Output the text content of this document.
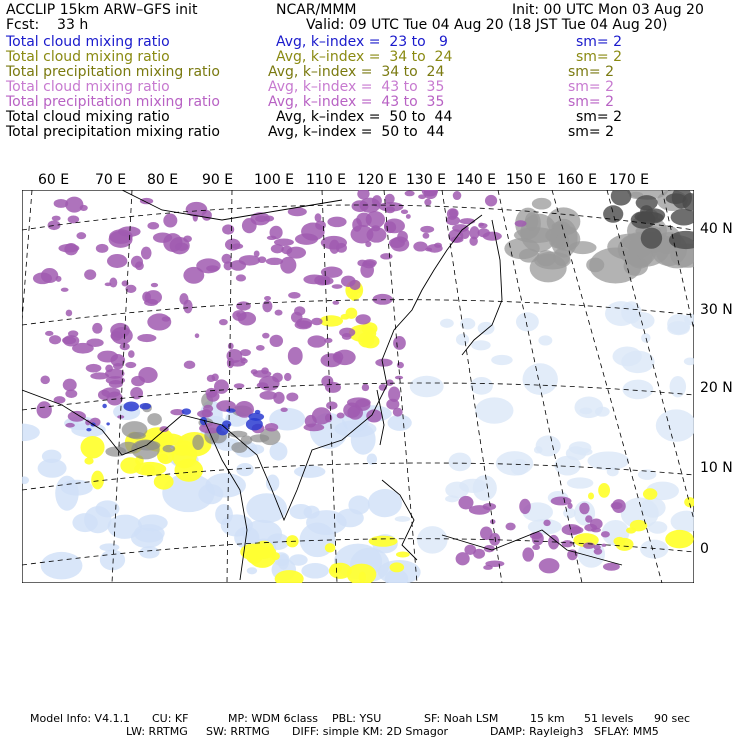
ACCLIP 15km ARW–GFS init	NCAR/MMM	Init: 00 UTC Mon 03 Aug 20
Fcst:    33 h	Valid: 09 UTC Tue 04 Aug 20 (18 JST Tue 04 Aug 20)
Total cloud mixing ratio	Avg, k–index =  23 to   9	sm= 2
Total cloud mixing ratio	Avg, k–index =  34 to  24	sm= 2
Total precipitation mixing ratio	Avg, k–index =  34 to  24	sm= 2
Total cloud mixing ratio	Avg, k–index =  43 to  35	sm= 2
Total precipitation mixing ratio	Avg, k–index =  43 to  35	sm= 2
Total cloud mixing ratio	Avg, k–index =  50 to  44	sm= 2
Total precipitation mixing ratio	Avg, k–index =  50 to  44	sm= 2
60 E 70 E 80 E 90 E 100 E 110 E 120 E 130 E 140 E 150 E 160 E 170 E
40 N
30 N
20 N
10 N
0
Model Info: V4.1.1 CU: KF	MP: WDM 6class PBL: YSU	SF: Noah LSM	15 km 51 levels 90 sec
LW: RRTMG SW: RRTMG DIFF: simple KM: 2D Smagor	DAMP: Rayleigh3 SFLAY: MM5
